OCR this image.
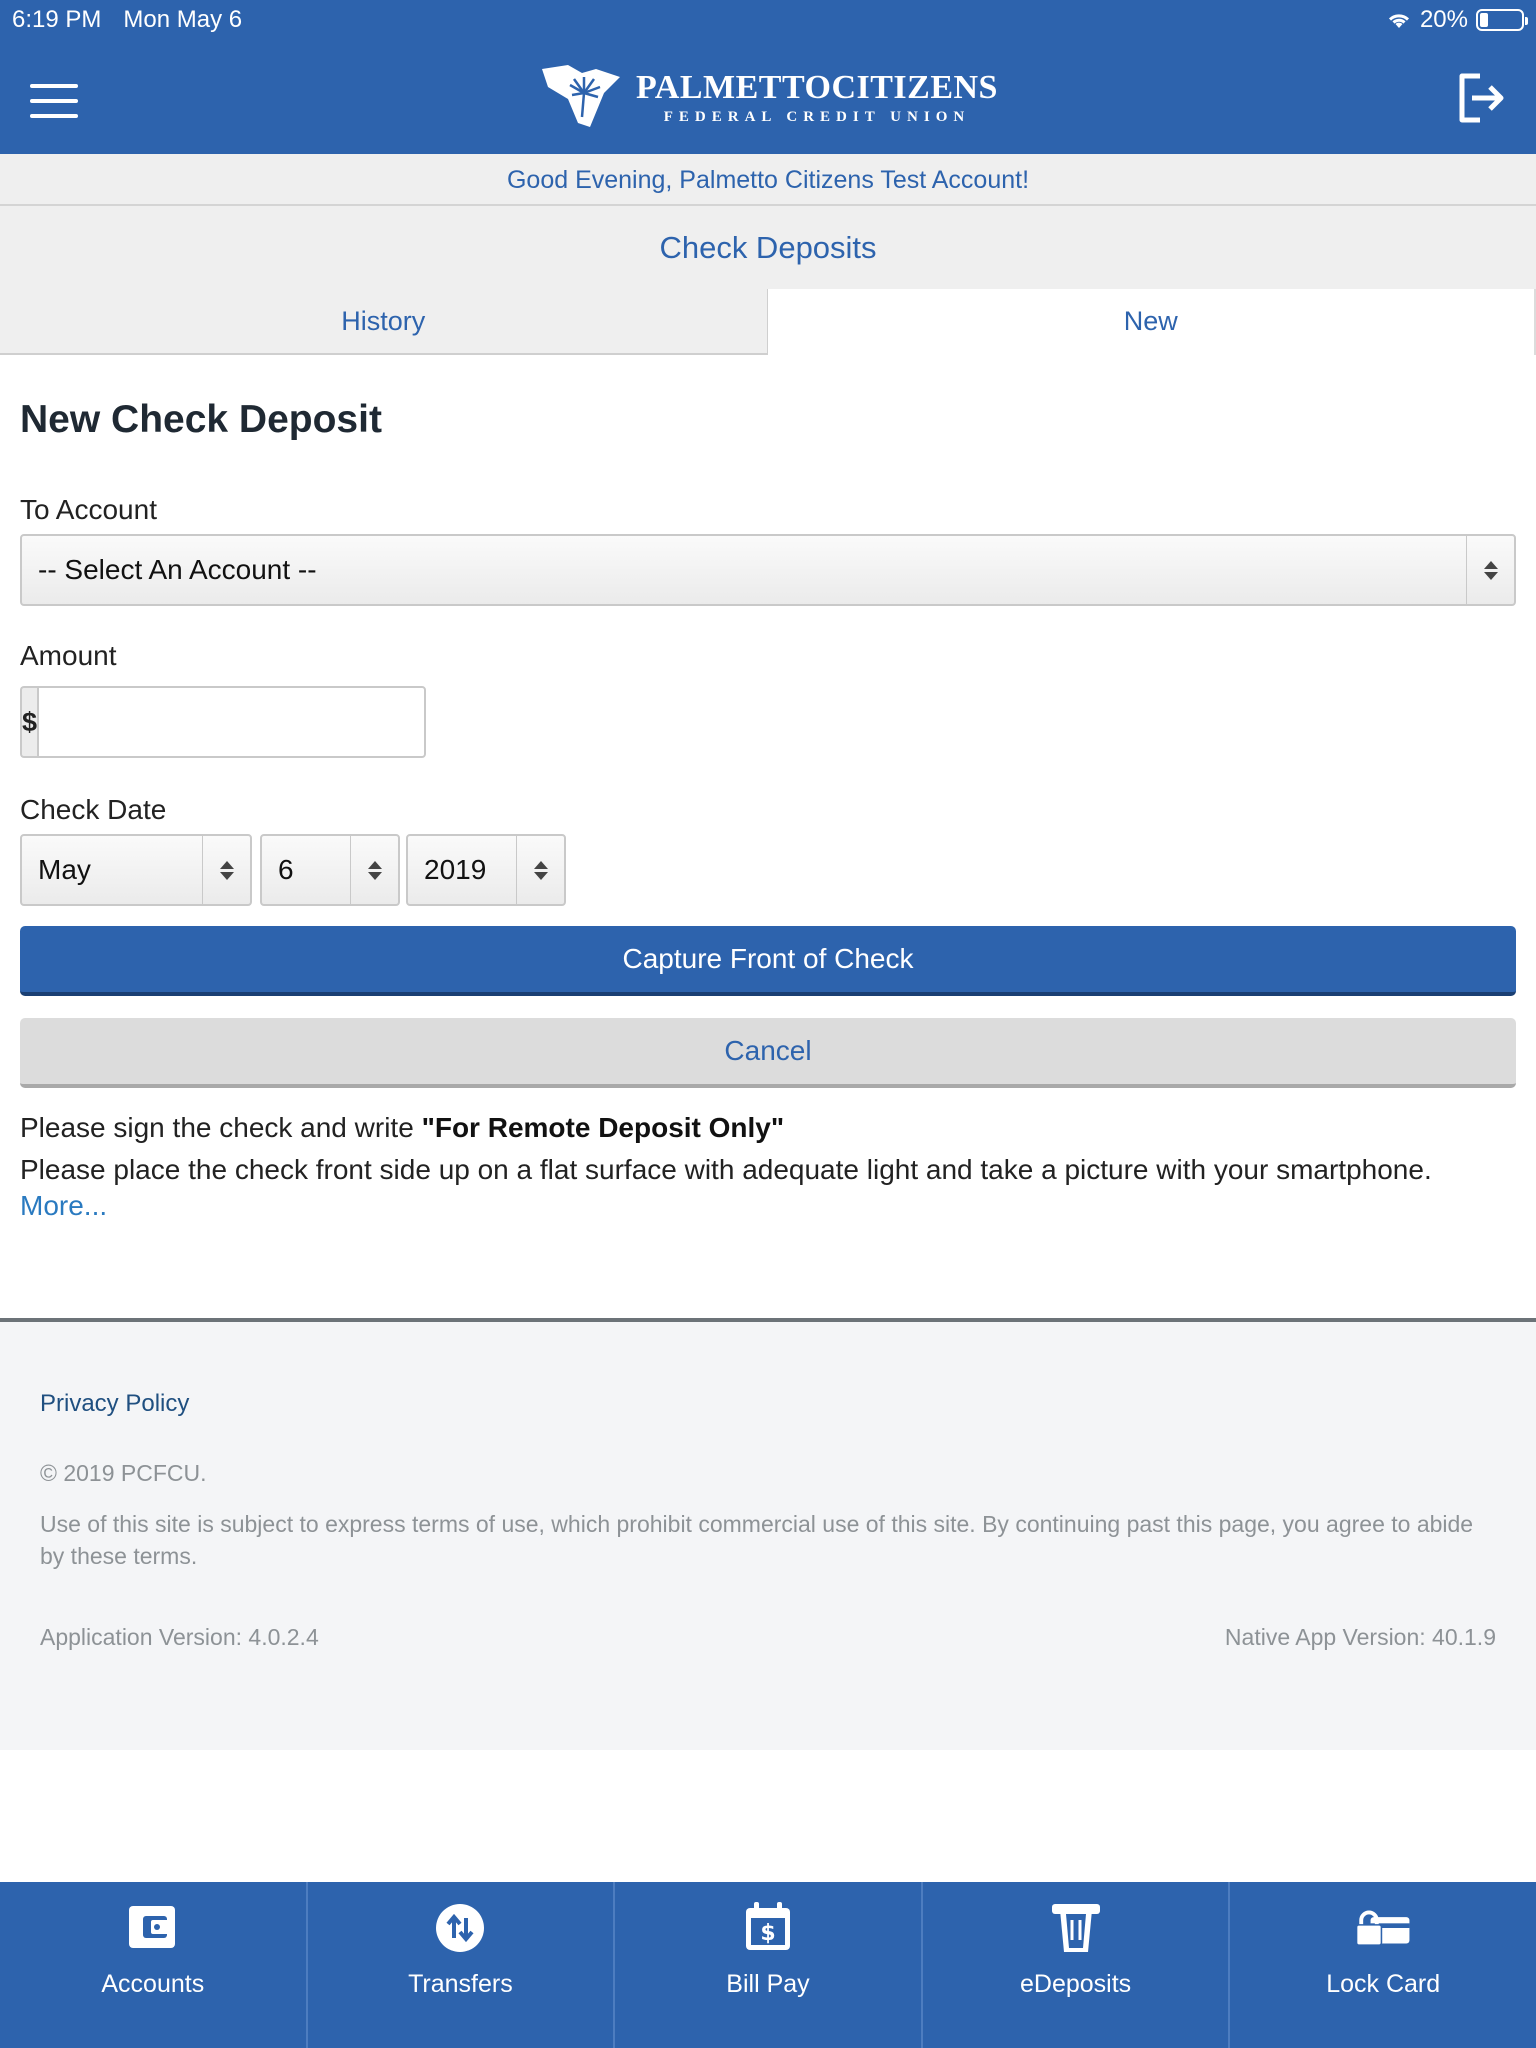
6:19 PM Mon May 6	20%
PALMETTOCITIZENS
FEDERAL CREDIT UNION
Good Evening, Palmetto Citizens Test Account!
Check Deposits
History	New
New Check Deposit
To Account
-- Select An Account --
Amount
$
Check Date
May	6	2019
Capture Front of Check
Cancel
Please sign the check and write "For Remote Deposit Only"
Please place the check front side up on a flat surface with adequate light and take a picture with your smartphone.
More...
Privacy Policy
© 2019 PCFCU.
Use of this site is subject to express terms of use, which prohibit commercial use of this site. By continuing past this page, you agree to abide by these terms.
Application Version: 4.0.2.4	Native App Version: 40.1.9
Accounts	Transfers
$
Bill Pay	eDeposits	Lock Card
